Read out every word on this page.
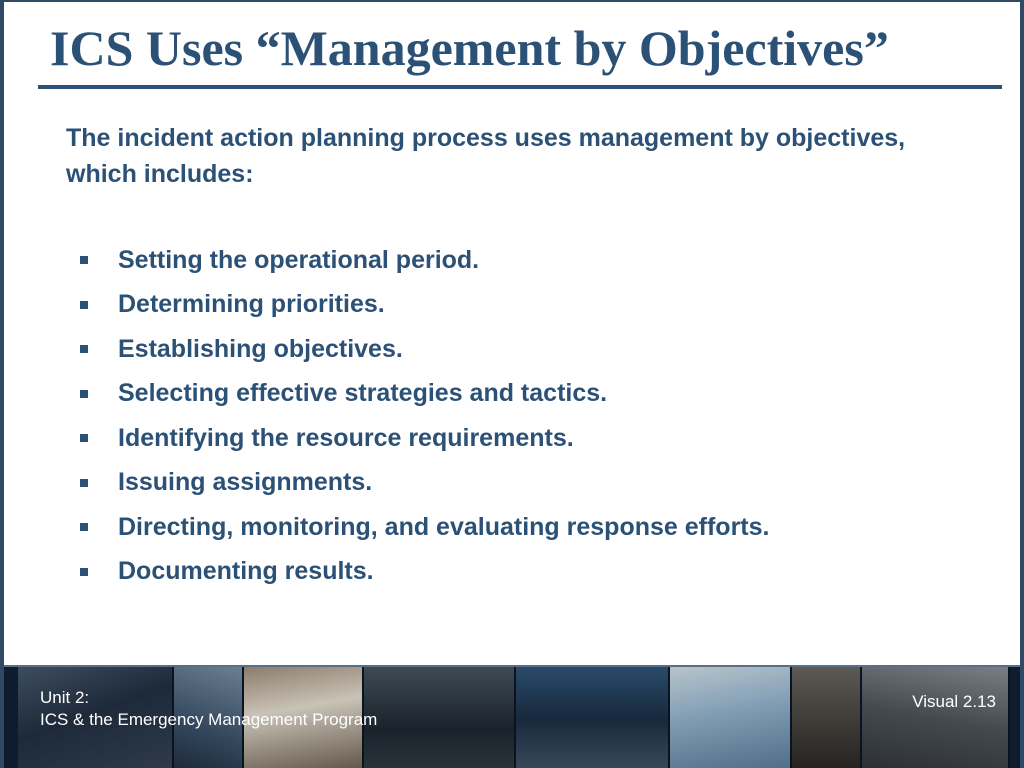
ICS Uses “Management by Objectives”

The incident action planning process uses management by objectives, which includes:

Setting the operational period.
Determining priorities.
Establishing objectives.
Selecting effective strategies and tactics.
Identifying the resource requirements.
Issuing assignments.
Directing, monitoring, and evaluating response efforts.
Documenting results.

Unit 2:
ICS & the Emergency Management Program

Visual 2.13
